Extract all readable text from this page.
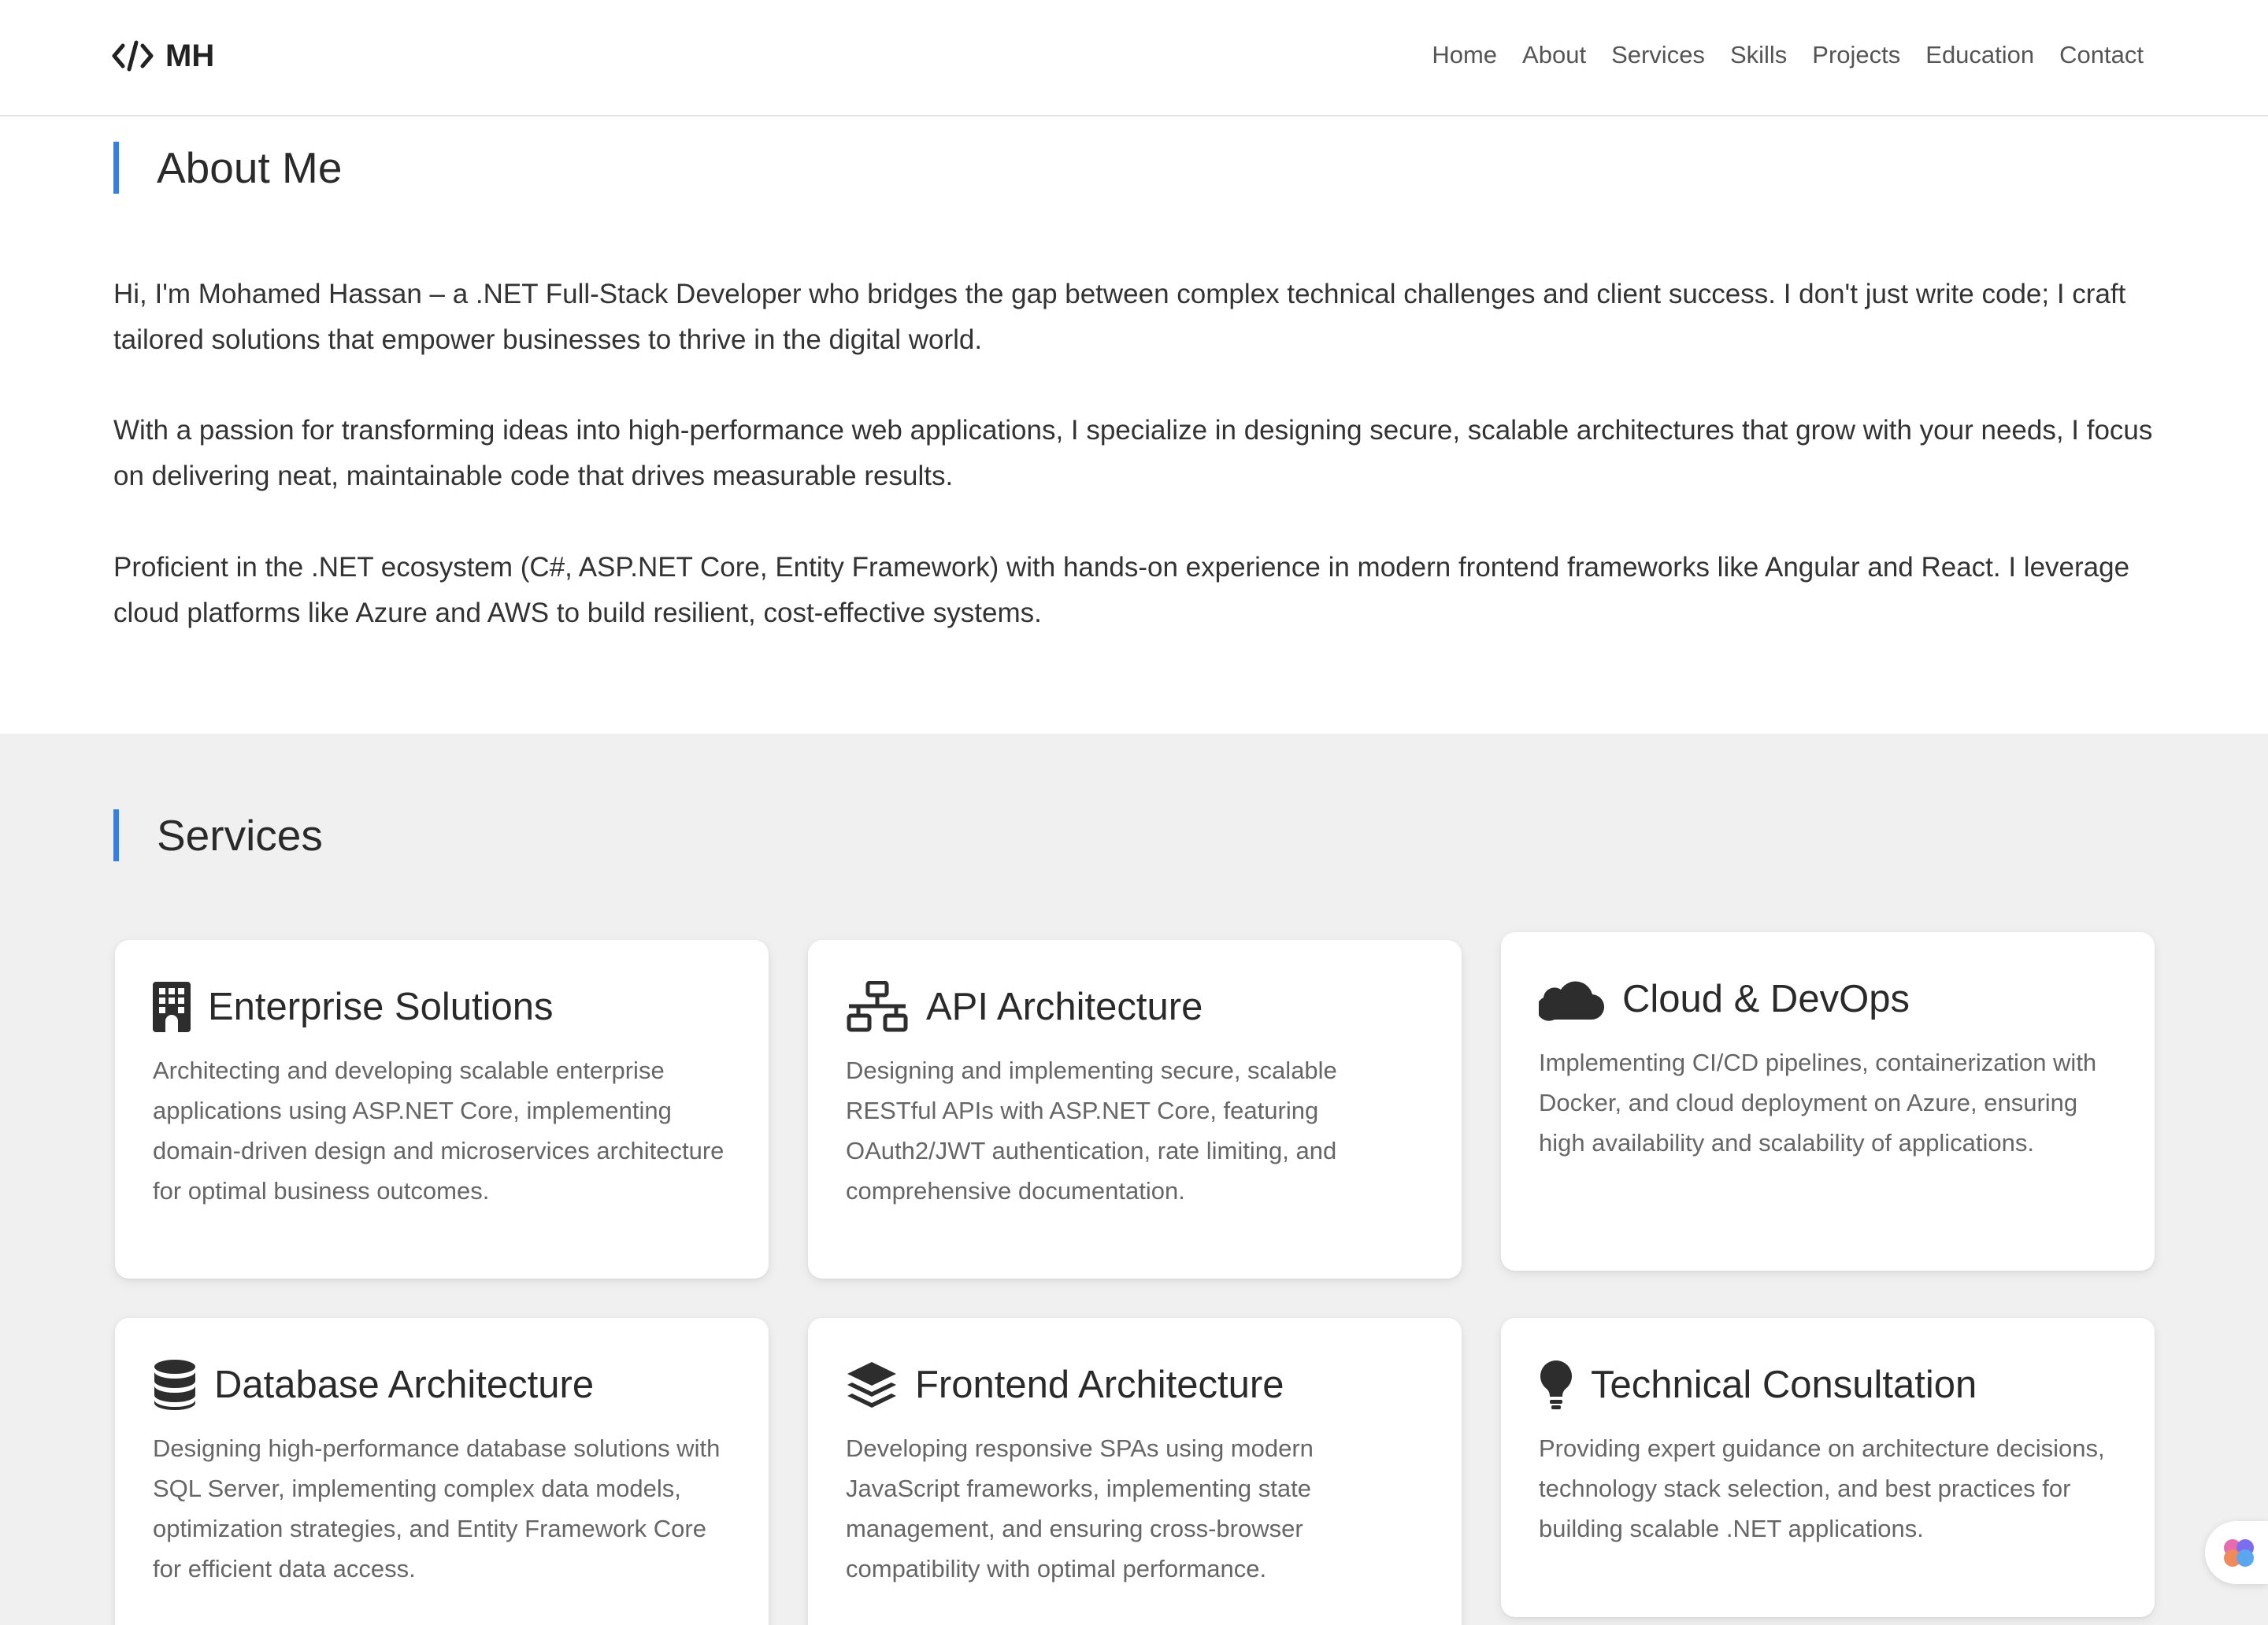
MH	Home About Services Skills Projects Education Contact
About Me

Hi, I'm Mohamed Hassan – a .NET Full-Stack Developer who bridges the gap between complex technical challenges and client success. I don't just write code; I craft tailored solutions that empower businesses to thrive in the digital world.

With a passion for transforming ideas into high-performance web applications, I specialize in designing secure, scalable architectures that grow with your needs, I focus on delivering neat, maintainable code that drives measurable results.

Proficient in the .NET ecosystem (C#, ASP.NET Core, Entity Framework) with hands-on experience in modern frontend frameworks like Angular and React. I leverage cloud platforms like Azure and AWS to build resilient, cost-effective systems.

Services
Enterprise Solutions

Architecting and developing scalable enterprise applications using ASP.NET Core, implementing domain-driven design and microservices architecture for optimal business outcomes.

API Architecture

Designing and implementing secure, scalable RESTful APIs with ASP.NET Core, featuring OAuth2/JWT authentication, rate limiting, and comprehensive documentation.

Cloud & DevOps

Implementing CI/CD pipelines, containerization with Docker, and cloud deployment on Azure, ensuring high availability and scalability of applications.

Database Architecture

Designing high-performance database solutions with SQL Server, implementing complex data models, optimization strategies, and Entity Framework Core for efficient data access.

Frontend Architecture

Developing responsive SPAs using modern JavaScript frameworks, implementing state management, and ensuring cross-browser compatibility with optimal performance.

Technical Consultation

Providing expert guidance on architecture decisions, technology stack selection, and best practices for building scalable .NET applications.
